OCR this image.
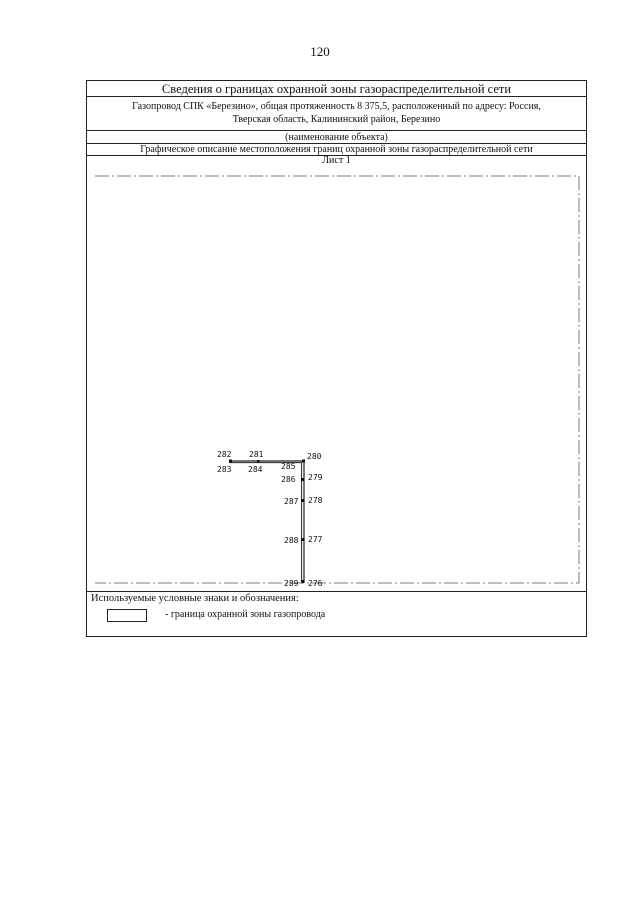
120
Сведения о границах охранной зоны газораспределительной сети
Газопровод СПК «Березино», общая протяженность 8 375,5, расположенный по адресу: Россия,
Тверская область, Калининский район, Березино
(наименование объекта)
Графическое описание местоположения границ охранной зоны газораспределительной сети
Лист 1
282 281	280
283 284 285
286 279
287 278
288 277
289 276
Используемые условные знаки и обозначения:
- граница охранной зоны газопровода
